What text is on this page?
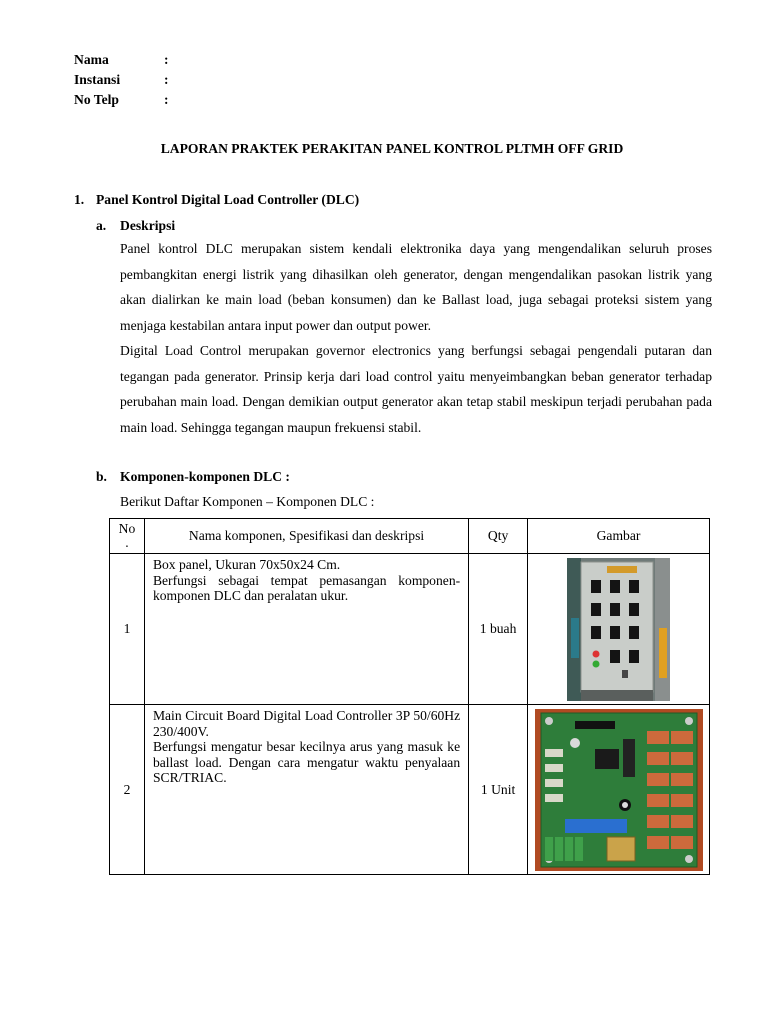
Nama	:
Instansi	:
No Telp	:
LAPORAN PRAKTEK PERAKITAN PANEL KONTROL PLTMH OFF GRID
1. Panel Kontrol Digital Load Controller (DLC)
a. Deskripsi
Panel kontrol DLC merupakan sistem kendali elektronika daya yang mengendalikan seluruh proses pembangkitan energi listrik yang dihasilkan oleh generator, dengan mengendalikan pasokan listrik yang akan dialirkan ke main load (beban konsumen) dan ke Ballast load, juga sebagai proteksi sistem yang menjaga kestabilan antara input power dan output power.
Digital Load Control merupakan governor electronics yang berfungsi sebagai pengendali putaran dan tegangan pada generator. Prinsip kerja dari load control yaitu menyeimbangkan beban generator terhadap perubahan main load. Dengan demikian output generator akan tetap stabil meskipun terjadi perubahan pada main load. Sehingga tegangan maupun frekuensi stabil.
b. Komponen-komponen DLC :
Berikut Daftar Komponen – Komponen DLC :
No
.	Nama komponen, Spesifikasi dan deskripsi	Qty	Gambar
1	Box panel, Ukuran 70x50x24 Cm.
Berfungsi sebagai tempat pemasangan komponen-komponen DLC dan peralatan ukur.	1 buah	

2	Main Circuit Board Digital Load Controller 3P 50/60Hz 230/400V.
Berfungsi mengatur besar kecilnya arus yang masuk ke ballast load. Dengan cara mengatur waktu penyalaan SCR/TRIAC.	1 Unit	
